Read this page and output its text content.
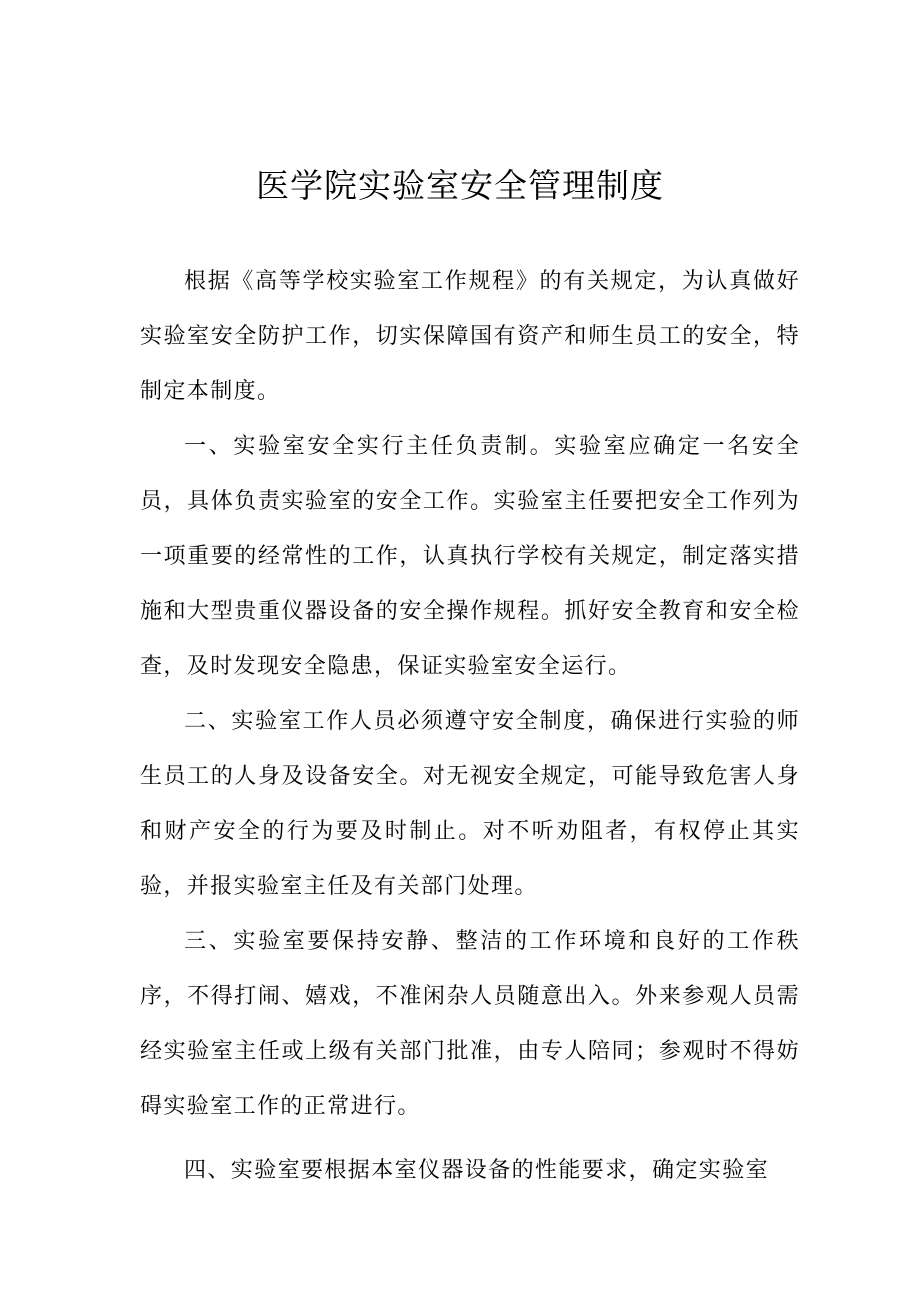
医学院实验室安全管理制度

根据《高等学校实验室工作规程》的有关规定，为认真做好实验室安全防护工作，切实保障国有资产和师生员工的安全，特制定本制度。

一、实验室安全实行主任负责制。实验室应确定一名安全员，具体负责实验室的安全工作。实验室主任要把安全工作列为一项重要的经常性的工作，认真执行学校有关规定，制定落实措施和大型贵重仪器设备的安全操作规程。抓好安全教育和安全检查，及时发现安全隐患，保证实验室安全运行。

二、实验室工作人员必须遵守安全制度，确保进行实验的师生员工的人身及设备安全。对无视安全规定，可能导致危害人身和财产安全的行为要及时制止。对不听劝阻者，有权停止其实验，并报实验室主任及有关部门处理。

三、实验室要保持安静、整洁的工作环境和良好的工作秩序，不得打闹、嬉戏，不准闲杂人员随意出入。外来参观人员需经实验室主任或上级有关部门批准，由专人陪同；参观时不得妨碍实验室工作的正常进行。

四、实验室要根据本室仪器设备的性能要求，确定实验室
